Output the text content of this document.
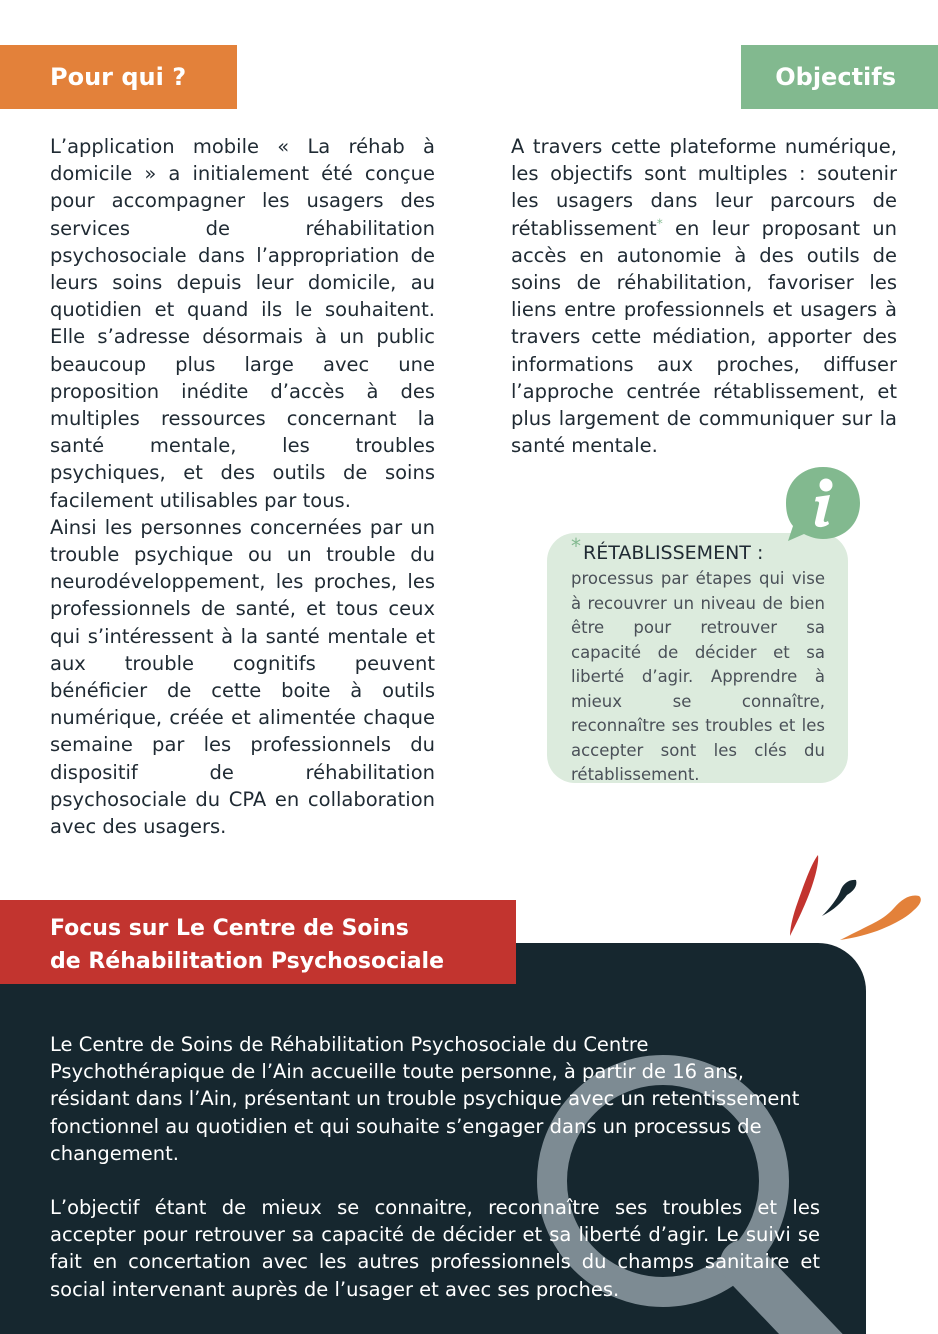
Pour qui ?

L’application mobile « La réhab à domicile » a initialement été conçue pour accompagner les usagers des services de réhabilitation psychosociale dans l’appropriation de leurs soins depuis leur domicile, au quotidien et quand ils le souhaitent. Elle s’adresse désormais à un public beaucoup plus large avec une proposition inédite d’accès à des multiples ressources concernant la santé mentale, les troubles psychiques, et des outils de soins facilement utilisables par tous.

Ainsi les personnes concernées par un trouble psychique ou un trouble du neurodéveloppement, les proches, les professionnels de santé, et tous ceux qui s’intéressent à la santé mentale et aux trouble cognitifs peuvent bénéficier de cette boite à outils numérique, créée et alimentée chaque semaine par les professionnels du dispositif de réhabilitation psychosociale du CPA en collaboration avec des usagers.

Objectifs

A travers cette plateforme numérique, les objectifs sont multiples : soutenir les usagers dans leur parcours de rétablissement* en leur proposant un accès en autonomie à des outils de soins de réhabilitation, favoriser les liens entre professionnels et usagers à travers cette médiation, apporter des informations aux proches, diffuser l’approche centrée rétablissement, et plus largement de communiquer sur la santé mentale.

* RÉTABLISSEMENT :

processus par étapes qui vise à recouvrer un niveau de bien être pour retrouver sa capacité de décider et sa liberté d’agir. Apprendre à mieux se connaître, reconnaître ses troubles et les accepter sont les clés du rétablissement.

Focus sur Le Centre de Soins
de Réhabilitation Psychosociale

Le Centre de Soins de Réhabilitation Psychosociale du Centre Psychothérapique de l’Ain accueille toute personne, à partir de 16 ans, résidant dans l’Ain, présentant un trouble psychique avec un retentissement fonctionnel au quotidien et qui souhaite s’engager dans un processus de changement.

L’objectif étant de mieux se connaitre, reconnaître ses troubles et les accepter pour retrouver sa capacité de décider et sa liberté d’agir. Le suivi se fait en concertation avec les autres professionnels du champs sanitaire et social intervenant auprès de l’usager et avec ses proches.
